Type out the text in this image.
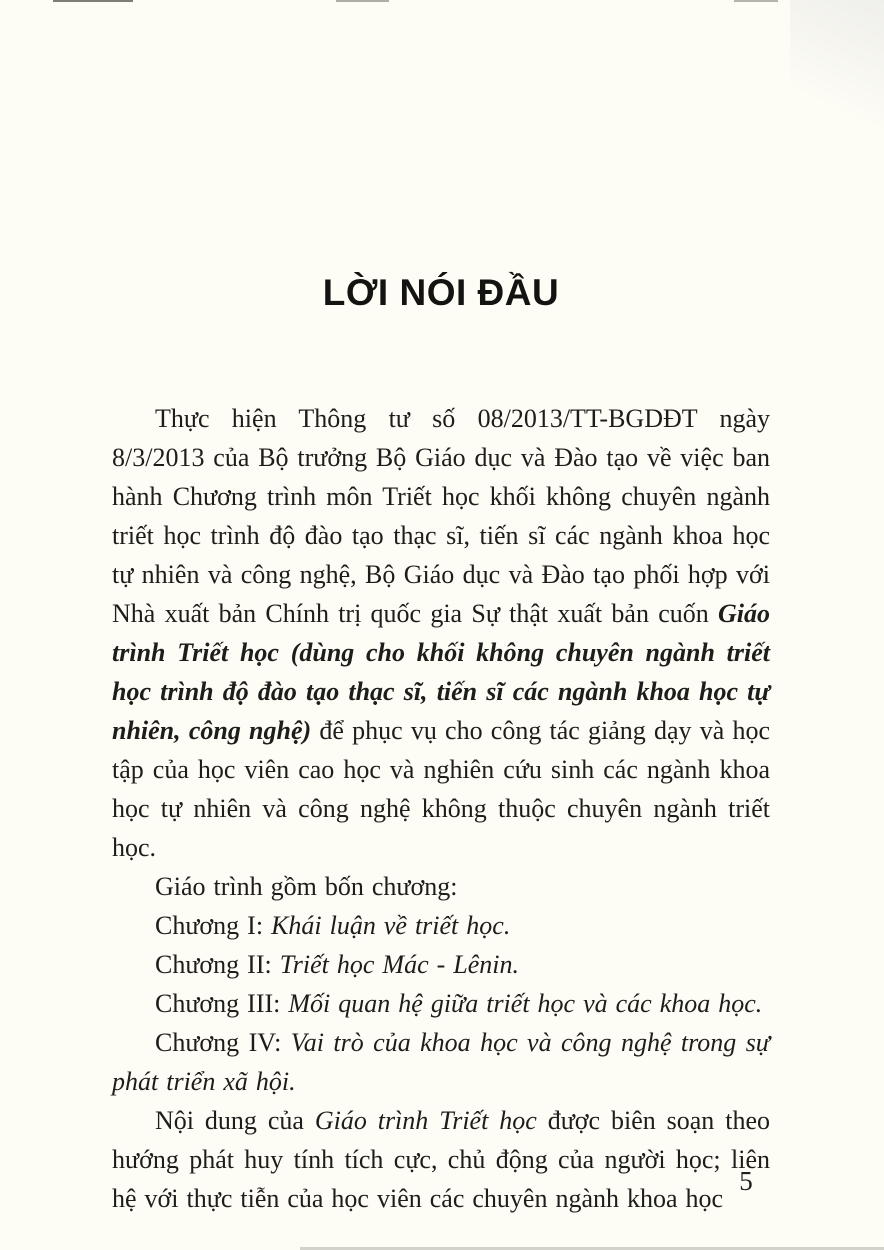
LỜI NÓI ĐẦU

Thực hiện Thông tư số 08/2013/TT-BGDĐT ngày 8/3/2013 của Bộ trưởng Bộ Giáo dục và Đào tạo về việc ban hành Chương trình môn Triết học khối không chuyên ngành triết học trình độ đào tạo thạc sĩ, tiến sĩ các ngành khoa học tự nhiên và công nghệ, Bộ Giáo dục và Đào tạo phối hợp với Nhà xuất bản Chính trị quốc gia Sự thật xuất bản cuốn Giáo trình Triết học (dùng cho khối không chuyên ngành triết học trình độ đào tạo thạc sĩ, tiến sĩ các ngành khoa học tự nhiên, công nghệ) để phục vụ cho công tác giảng dạy và học tập của học viên cao học và nghiên cứu sinh các ngành khoa học tự nhiên và công nghệ không thuộc chuyên ngành triết học.

Giáo trình gồm bốn chương:

Chương I: Khái luận về triết học.

Chương II: Triết học Mác - Lênin.

Chương III: Mối quan hệ giữa triết học và các khoa học.

Chương IV: Vai trò của khoa học và công nghệ trong sự phát triển xã hội.

Nội dung của Giáo trình Triết học được biên soạn theo hướng phát huy tính tích cực, chủ động của người học; liên hệ với thực tiễn của học viên các chuyên ngành khoa học

5
